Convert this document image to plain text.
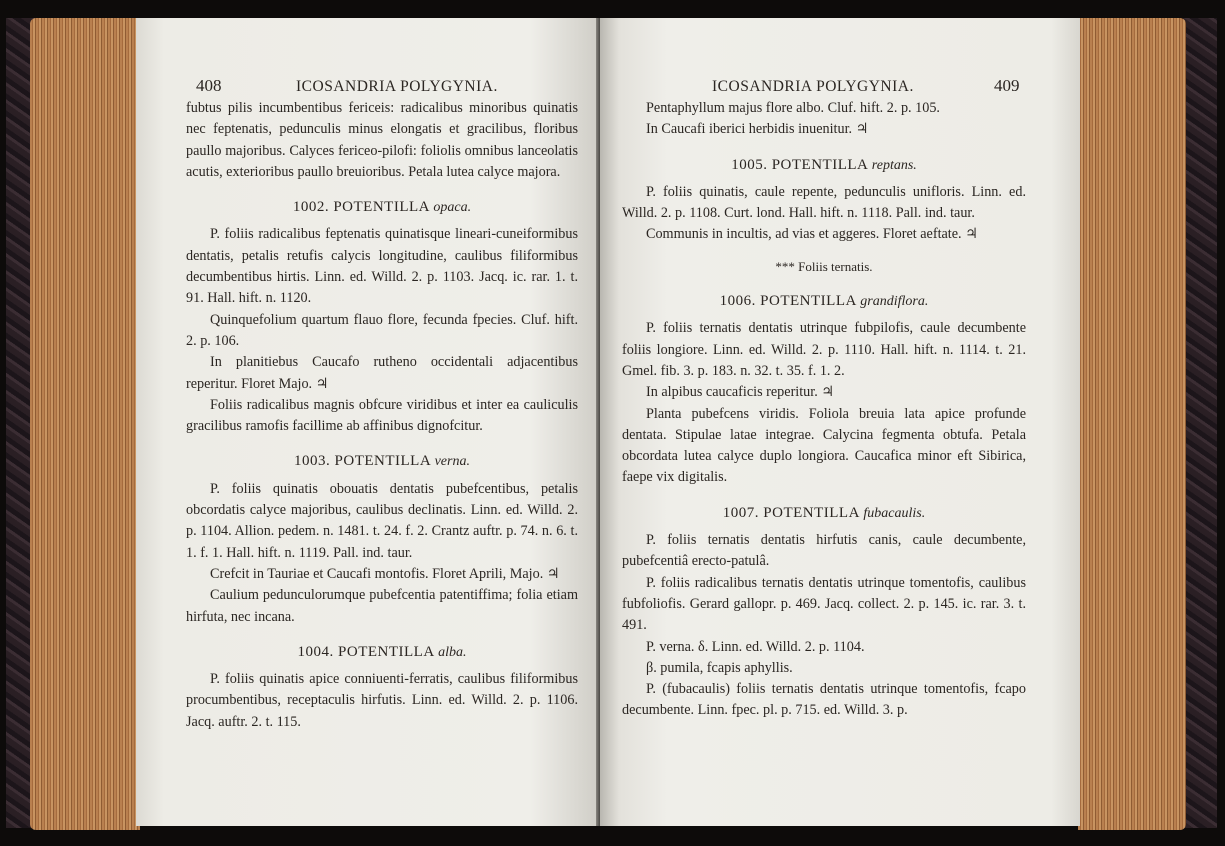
408	ICOSANDRIA POLYGYNIA.

fubtus pilis incumbentibus fericeis: radicalibus minoribus quinatis nec feptenatis, pedunculis minus elongatis et gracilibus, floribus paullo majoribus. Calyces fericeo-pilofi: foliolis omnibus lanceolatis acutis, exterioribus paullo breuioribus. Petala lutea calyce majora.

1002. POTENTILLA opaca.

P. foliis radicalibus feptenatis quinatisque lineari-cuneiformibus dentatis, petalis retufis calycis longitudine, caulibus filiformibus decumbentibus hirtis. Linn. ed. Willd. 2. p. 1103. Jacq. ic. rar. 1. t. 91. Hall. hift. n. 1120.

Quinquefolium quartum flauo flore, fecunda fpecies. Cluf. hift. 2. p. 106.

In planitiebus Caucafo rutheno occidentali adjacentibus reperitur. Floret Majo. ♃

Foliis radicalibus magnis obfcure viridibus et inter ea cauliculis gracilibus ramofis facillime ab affinibus dignofcitur.

1003. POTENTILLA verna.

P. foliis quinatis obouatis dentatis pubefcentibus, petalis obcordatis calyce majoribus, caulibus declinatis. Linn. ed. Willd. 2. p. 1104. Allion. pedem. n. 1481. t. 24. f. 2. Crantz auftr. p. 74. n. 6. t. 1. f. 1. Hall. hift. n. 1119. Pall. ind. taur.

Crefcit in Tauriae et Caucafi montofis. Floret Aprili, Majo. ♃

Caulium pedunculorumque pubefcentia patentiffima; folia etiam hirfuta, nec incana.

1004. POTENTILLA alba.

P. foliis quinatis apice conniuenti-ferratis, caulibus filiformibus procumbentibus, receptaculis hirfutis. Linn. ed. Willd. 2. p. 1106. Jacq. auftr. 2. t. 115.

ICOSANDRIA POLYGYNIA.	409

Pentaphyllum majus flore albo. Cluf. hift. 2. p. 105.

In Caucafi iberici herbidis inuenitur. ♃

1005. POTENTILLA reptans.

P. foliis quinatis, caule repente, pedunculis unifloris. Linn. ed. Willd. 2. p. 1108. Curt. lond. Hall. hift. n. 1118. Pall. ind. taur.

Communis in incultis, ad vias et aggeres. Floret aeftate. ♃

*** Foliis ternatis.

1006. POTENTILLA grandiflora.

P. foliis ternatis dentatis utrinque fubpilofis, caule decumbente foliis longiore. Linn. ed. Willd. 2. p. 1110. Hall. hift. n. 1114. t. 21. Gmel. fib. 3. p. 183. n. 32. t. 35. f. 1. 2.

In alpibus caucaficis reperitur. ♃

Planta pubefcens viridis. Foliola breuia lata apice profunde dentata. Stipulae latae integrae. Calycina fegmenta obtufa. Petala obcordata lutea calyce duplo longiora. Caucafica minor eft Sibirica, faepe vix digitalis.

1007. POTENTILLA fubacaulis.

P. foliis ternatis dentatis hirfutis canis, caule decumbente, pubefcentiâ erecto-patulâ.

P. foliis radicalibus ternatis dentatis utrinque tomentofis, caulibus fubfoliofis. Gerard gallopr. p. 469. Jacq. collect. 2. p. 145. ic. rar. 3. t. 491.

P. verna. δ. Linn. ed. Willd. 2. p. 1104.

β. pumila, fcapis aphyllis.

P. (fubacaulis) foliis ternatis dentatis utrinque tomentofis, fcapo decumbente. Linn. fpec. pl. p. 715. ed. Willd. 3. p.
